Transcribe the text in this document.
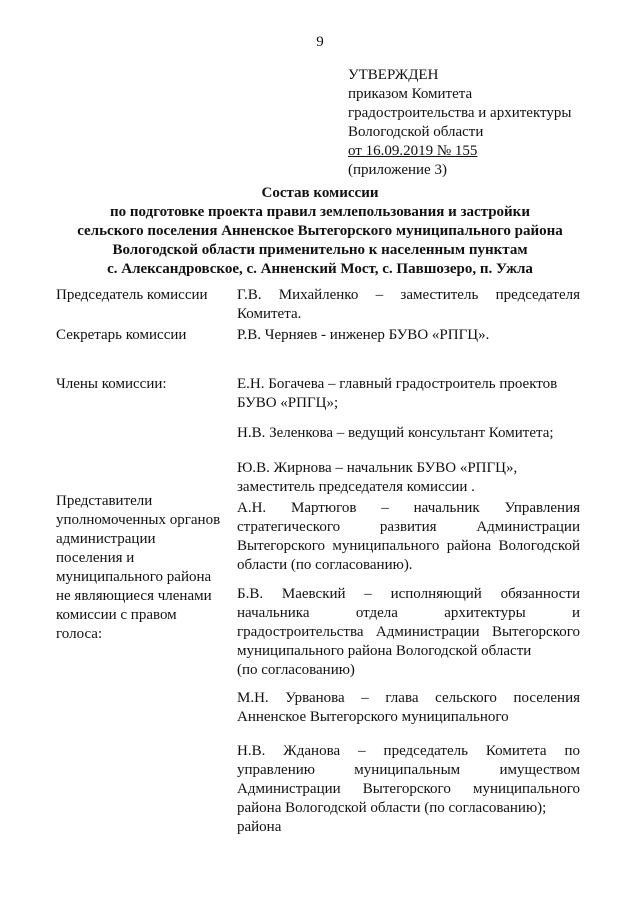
9
УТВЕРЖДЕН
приказом Комитета
градостроительства и архитектуры
Вологодской области
от 16.09.2019 № 155
(приложение 3)
Состав комиссии
по подготовке проекта правил землепользования и застройки
сельского поселения Анненское Вытегорского муниципального района
Вологодской области применительно к населенным пунктам
с. Александровское, с. Анненский Мост, с. Павшозеро, п. Ужла
Председатель комиссии
Секретарь комиссии
Члены комиссии:
Представители
уполномоченных органов
администрации
поселения и
муниципального района
не являющиеся членами
комиссии с правом
голоса:
Г.В. Михайленко – заместитель председателя
Комитета.
Р.В. Черняев - инженер БУВО «РПГЦ».
Е.Н. Богачева – главный градостроитель проектов
БУВО «РПГЦ»;
Н.В. Зеленкова – ведущий консультант Комитета;
Ю.В. Жирнова – начальник БУВО «РПГЦ»,
заместитель председателя комиссии .
А.Н. Мартюгов – начальник Управления
стратегического развития Администрации
Вытегорского муниципального района Вологодской
области (по согласованию).
Б.В. Маевский – исполняющий обязанности
начальника отдела архитектуры и
градостроительства Администрации Вытегорского
муниципального района Вологодской области
(по согласованию)
М.Н. Урванова – глава сельского поселения
Анненское Вытегорского муниципального
Н.В. Жданова – председатель Комитета по
управлению муниципальным имуществом
Администрации Вытегорского муниципального
района Вологодской области (по согласованию);
района
